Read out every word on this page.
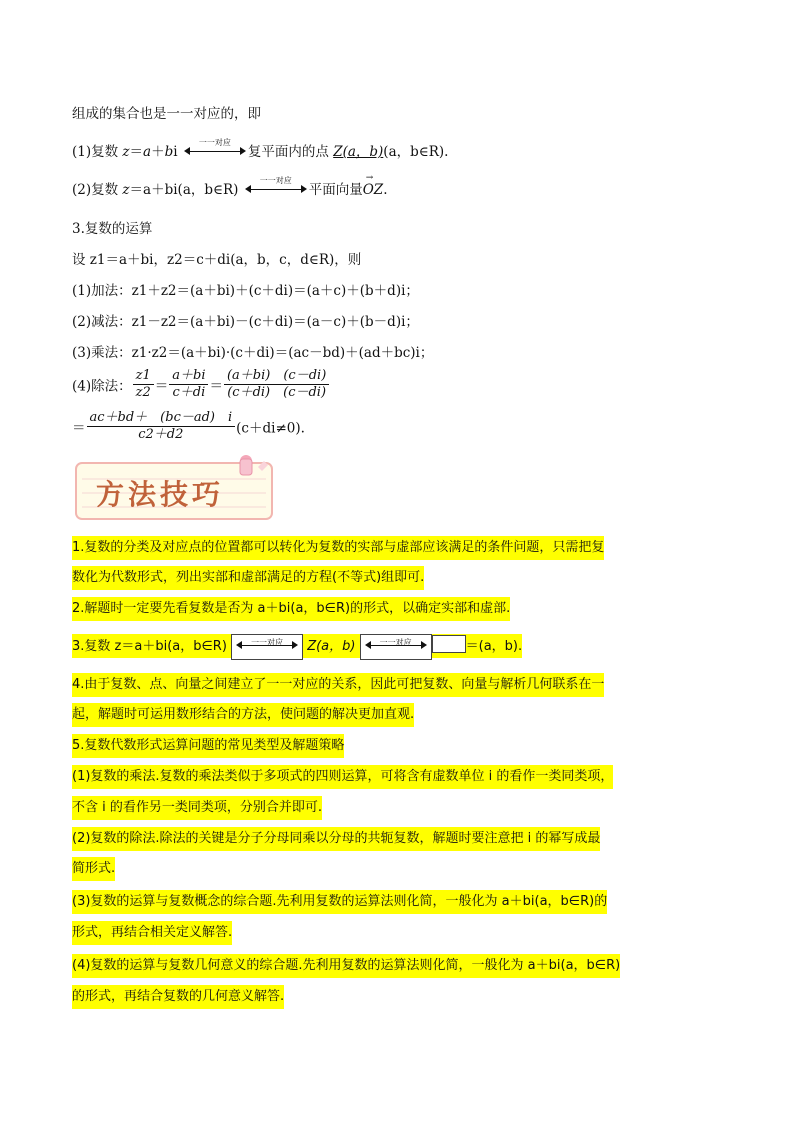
组成的集合也是一一对应的，即
(1)复数 z＝a＋bi
一一对应
复平面内的点 Z(a，b)(a，b∈R).
(2)复数 z＝a＋bi(a，b∈R)
一一对应
平面向量→ OZ.
3.复数的运算
设 z1＝a＋bi，z2＝c＋di(a，b，c，d∈R)，则
(1)加法：z1＋z2＝(a＋bi)＋(c＋di)＝(a＋c)＋(b＋d)i；
(2)减法：z1－z2＝(a＋bi)－(c＋di)＝(a－c)＋(b－d)i；
(3)乘法：z1·z2＝(a＋bi)·(c＋di)＝(ac－bd)＋(ad＋bc)i；
(4)除法： $\frac{z1}{z2} = \frac{a+bi}{c+di} = \frac{(a+bi) (c-di)}{(c+di) (c-di)}$
＝ $\frac{ac+bd+ (bc-ad) i}{c2+d2} (c+di\ne 0)$.
方法技巧
1.复数的分类及对应点的位置都可以转化为复数的实部与虚部应该满足的条件问题，只需把复
数化为代数形式，列出实部和虚部满足的方程(不等式)组即可.
2.解题时一定要先看复数是否为 a＋bi(a，b∈R)的形式，以确定实部和虚部.
3.复数 z＝a＋bi(a，b∈R)	一一对应	Z(a，b)	一一对应	＝(a，b).
4.由于复数、点、向量之间建立了一一对应的关系，因此可把复数、向量与解析几何联系在一
起，解题时可运用数形结合的方法，使问题的解决更加直观.
5.复数代数形式运算问题的常见类型及解题策略
(1)复数的乘法.复数的乘法类似于多项式的四则运算，可将含有虚数单位 i 的看作一类同类项，
不含 i 的看作另一类同类项，分别合并即可.
(2)复数的除法.除法的关键是分子分母同乘以分母的共轭复数，解题时要注意把 i 的幂写成最
简形式.
(3)复数的运算与复数概念的综合题.先利用复数的运算法则化简，一般化为 a＋bi(a，b∈R)的
形式，再结合相关定义解答.
(4)复数的运算与复数几何意义的综合题.先利用复数的运算法则化简，一般化为 a＋bi(a，b∈R)
的形式，再结合复数的几何意义解答.
